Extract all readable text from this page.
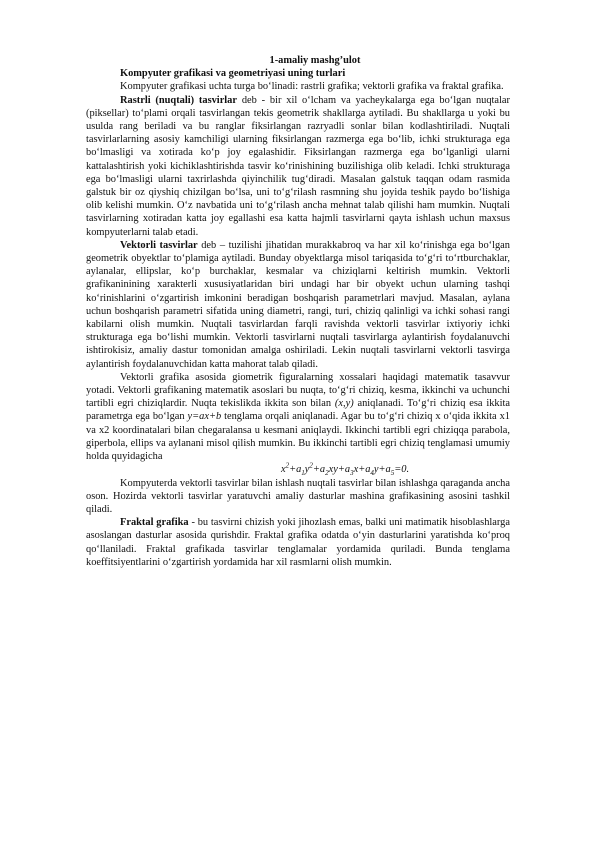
1-amaliy mashg’ulot

Kompyuter grafikasi va geometriyasi uning turlari

Kompyuter grafikasi uchta turga bo‘linadi: rastrli grafika; vektorli grafika va fraktal grafika.

Rastrli (nuqtali) tasvirlar deb - bir xil o‘lcham va yacheykalarga ega bo‘lgan nuqtalar (piksellar) to‘plami orqali tasvirlangan tekis geometrik shakllarga aytiladi. Bu shakllarga u yoki bu usulda rang beriladi va bu ranglar fiksirlangan razryadli sonlar bilan kodlashtiriladi. Nuqtali tasvirlarlarning asosiy kamchiligi ularning fiksirlangan razmerga ega bo‘lib, ichki strukturaga ega bo‘lmasligi va xotirada ko‘p joy egalashidir. Fiksirlangan razmerga ega bo‘lganligi ularni kattalashtirish yoki kichiklashtirishda tasvir ko‘rinishining buzilishiga olib keladi. Ichki strukturaga ega bo‘lmasligi ularni taxrirlashda qiyinchilik tug‘diradi. Masalan galstuk taqqan odam rasmida galstuk bir oz qiyshiq chizilgan bo‘lsa, uni to‘g‘rilash rasmning shu joyida teshik paydo bo‘lishiga olib kelishi mumkin. O‘z navbatida uni to‘g‘rilash ancha mehnat talab qilishi ham mumkin. Nuqtali tasvirlarning xotiradan katta joy egallashi esa katta hajmli tasvirlarni qayta ishlash uchun maxsus kompyuterlarni talab etadi.

Vektorli tasvirlar deb – tuzilishi jihatidan murakkabroq va har xil ko‘rinishga ega bo‘lgan geometrik obyektlar to‘plamiga aytiladi. Bunday obyektlarga misol tariqasida to‘g‘ri to‘rtburchaklar, aylanalar, ellipslar, ko‘p burchaklar, kesmalar va chiziqlarni keltirish mumkin. Vektorli grafikaninining xarakterli xususiyatlaridan biri undagi har bir obyekt uchun ularning tashqi ko‘rinishlarini o‘zgartirish imkonini beradigan boshqarish parametrlari mavjud. Masalan, aylana uchun boshqarish parametri sifatida uning diametri, rangi, turi, chiziq qalinligi va ichki sohasi rangi kabilarni olish mumkin. Nuqtali tasvirlardan farqli ravishda vektorli tasvirlar ixtiyoriy ichki strukturaga ega bo‘lishi mumkin. Vektorli tasvirlarni nuqtali tasvirlarga aylantirish foydalanuvchi ishtirokisiz, amaliy dastur tomonidan amalga oshiriladi. Lekin nuqtali tasvirlarni vektorli tasvirga aylantirish foydalanuvchidan katta mahorat talab qiladi.

Vektorli grafika asosida giometrik figuralarning xossalari haqidagi matematik tasavvur yotadi. Vektorli grafikaning matematik asoslari bu nuqta, to‘g‘ri chiziq, kesma, ikkinchi va uchunchi tartibli egri chiziqlardir. Nuqta tekislikda ikkita son bilan (x,y) aniqlanadi. To‘g‘ri chiziq esa ikkita parametrga ega bo‘lgan y=ax+b tenglama orqali aniqlanadi. Agar bu to‘g‘ri chiziq x o‘qida ikkita x1 va x2 koordinatalari bilan chegaralansa u kesmani aniqlaydi. Ikkinchi tartibli egri chiziqqa parabola, giperbola, ellips va aylanani misol qilish mumkin. Bu ikkinchi tartibli egri chiziq tenglamasi umumiy holda quyidagicha

$x^2+a_1y^2+a_2xy+a_3x+a_4y+a_5=0$.

Kompyuterda vektorli tasvirlar bilan ishlash nuqtali tasvirlar bilan ishlashga qaraganda ancha oson. Hozirda vektorli tasvirlar yaratuvchi amaliy dasturlar mashina grafikasining asosini tashkil qiladi.

Fraktal grafika - bu tasvirni chizish yoki jihozlash emas, balki uni matimatik hisoblashlarga asoslangan dasturlar asosida qurishdir. Fraktal grafika odatda o‘yin dasturlarini yaratishda ko‘proq qo‘llaniladi. Fraktal grafikada tasvirlar tenglamalar yordamida quriladi. Bunda tenglama koeffitsiyentlarini o‘zgartirish yordamida har xil rasmlarni olish mumkin.
